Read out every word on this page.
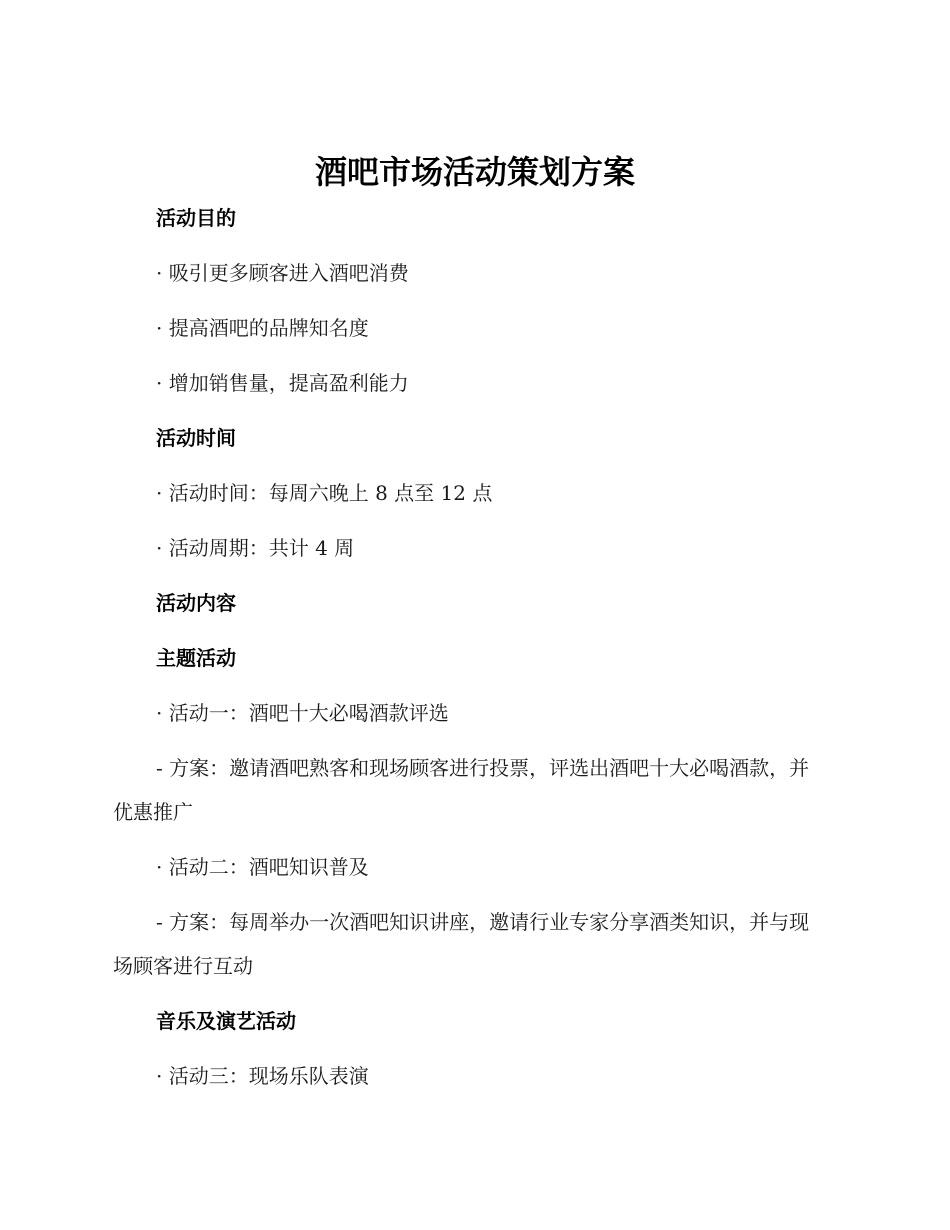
酒吧市场活动策划方案
活动目的
· 吸引更多顾客进入酒吧消费
· 提高酒吧的品牌知名度
· 增加销售量，提高盈利能力
活动时间
· 活动时间：每周六晚上 8 点至 12 点
· 活动周期：共计 4 周
活动内容
主题活动
· 活动一：酒吧十大必喝酒款评选
- 方案：邀请酒吧熟客和现场顾客进行投票，评选出酒吧十大必喝酒款，并优惠推广
· 活动二：酒吧知识普及
- 方案：每周举办一次酒吧知识讲座，邀请行业专家分享酒类知识，并与现场顾客进行互动
音乐及演艺活动
· 活动三：现场乐队表演
